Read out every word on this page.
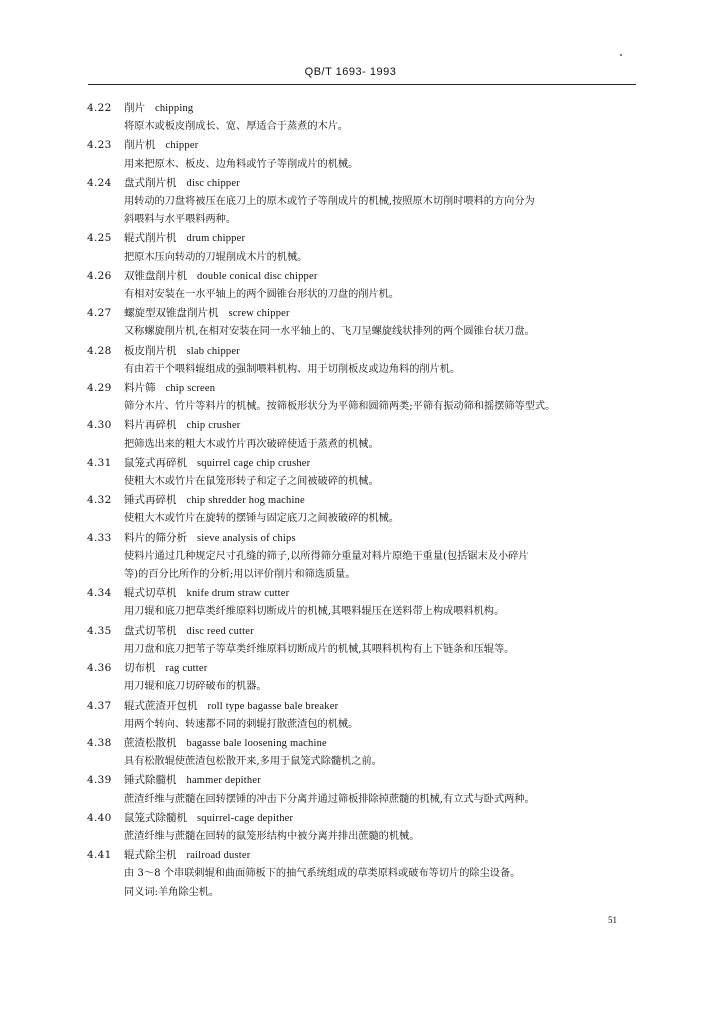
QB/T 1693- 1993
4.22	削片 chipping
将原木或板皮削成长、宽、厚适合于蒸煮的木片。
4.23	削片机 chipper
用来把原木、板皮、边角料或竹子等削成片的机械。
4.24	盘式削片机 disc chipper
用转动的刀盘将被压在底刀上的原木或竹子等削成片的机械,按照原木切削时喂料的方向分为
斜喂料与水平喂料两种。
4.25	辊式削片机 drum chipper
把原木压向转动的刀辊削成木片的机械。
4.26	双锥盘削片机 double conical disc chipper
有相对安装在一水平轴上的两个圆锥台形状的刀盘的削片机。
4.27	螺旋型双锥盘削片机 screw chipper
又称螺旋削片机,在相对安装在同一水平轴上的、飞刀呈螺旋线状排列的两个圆锥台状刀盘。
4.28	板皮削片机 slab chipper
有由若干个喂料辊组成的强制喂料机构、用于切削板皮或边角料的削片机。
4.29	料片筛 chip screen
筛分木片、竹片等料片的机械。按筛板形状分为平筛和圆筛两类;平筛有振动筛和摇摆筛等型式。
4.30	料片再碎机 chip crusher
把筛选出来的粗大木或竹片再次破碎使适于蒸煮的机械。
4.31	鼠笼式再碎机 squirrel cage chip crusher
使粗大木或竹片在鼠笼形转子和定子之间被破碎的机械。
4.32	锤式再碎机 chip shredder hog machine
使粗大木或竹片在旋转的摆锤与固定底刀之间被破碎的机械。
4.33	料片的筛分析 sieve analysis of chips
使料片通过几种规定尺寸孔缝的筛子,以所得筛分重量对料片原绝干重量(包括锯末及小碎片
等)的百分比所作的分析;用以评价削片和筛选质量。
4.34	辊式切草机 knife drum straw cutter
用刀辊和底刀把草类纤维原料切断成片的机械,其喂料辊压在送料带上构成喂料机构。
4.35	盘式切苇机 disc reed cutter
用刀盘和底刀把苇子等草类纤维原料切断成片的机械,其喂料机构有上下链条和压辊等。
4.36	切布机 rag cutter
用刀辊和底刀切碎破布的机器。
4.37	辊式蔗渣开包机 roll type bagasse bale breaker
用两个转向、转速都不同的刺辊打散蔗渣包的机械。
4.38	蔗渣松散机 bagasse bale loosening machine
具有松散辊使蔗渣包松散开来,多用于鼠笼式除髓机之前。
4.39	锤式除髓机 hammer depither
蔗渣纤维与蔗髓在回转摆锤的冲击下分离并通过筛板排除掉蔗髓的机械,有立式与卧式两种。
4.40	鼠笼式除髓机 squirrel-cage depither
蔗渣纤维与蔗髓在回转的鼠笼形结构中被分离并排出蔗髓的机械。
4.41	辊式除尘机 railroad duster
由 3～8 个串联刺辊和曲面筛板下的抽气系统组成的草类原料或破布等切片的除尘设备。
同义词:羊角除尘机。
51
